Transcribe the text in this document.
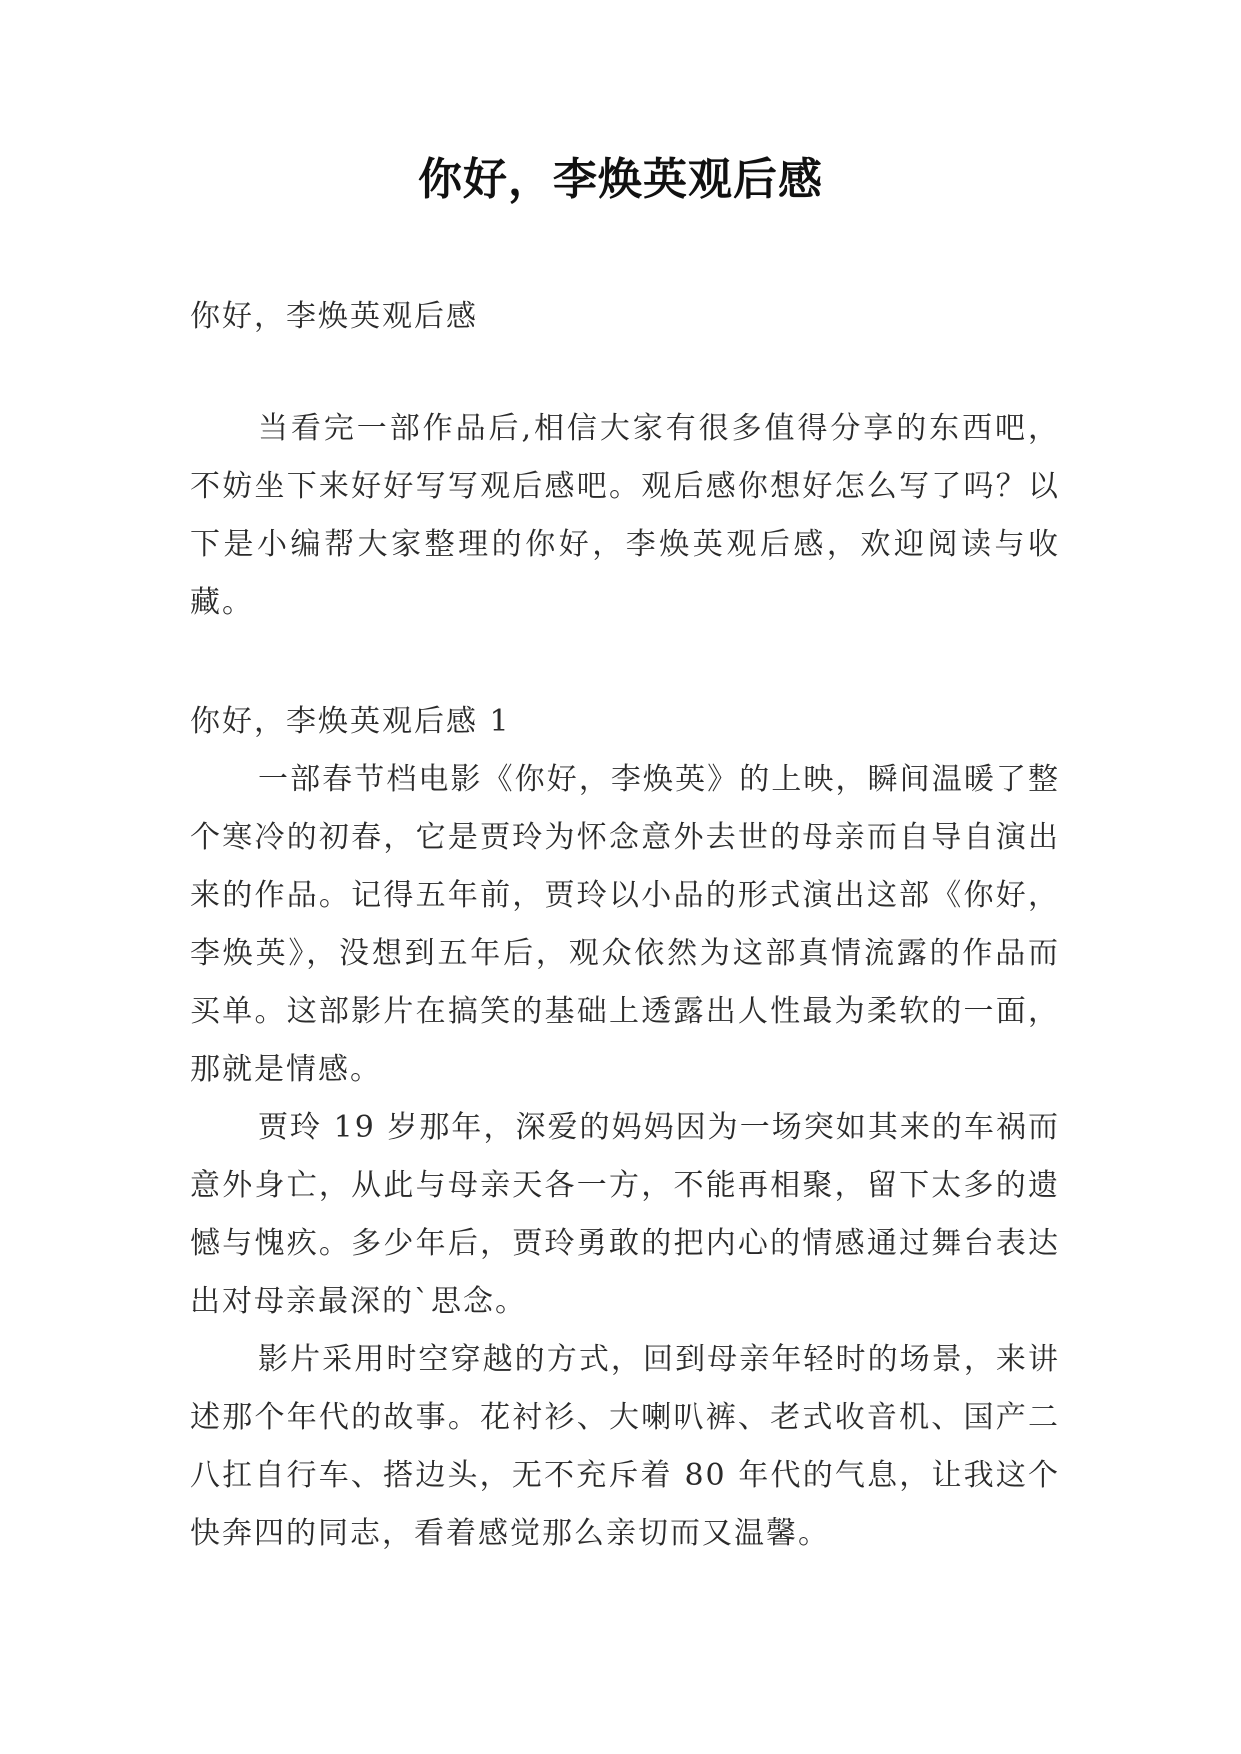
你好，李焕英观后感

你好，李焕英观后感

当看完一部作品后,相信大家有很多值得分享的东西吧，不妨坐下来好好写写观后感吧。观后感你想好怎么写了吗？以下是小编帮大家整理的你好，李焕英观后感，欢迎阅读与收藏。

你好，李焕英观后感 1

一部春节档电影《你好，李焕英》的上映，瞬间温暖了整个寒冷的初春，它是贾玲为怀念意外去世的母亲而自导自演出来的作品。记得五年前，贾玲以小品的形式演出这部《你好，李焕英》，没想到五年后，观众依然为这部真情流露的作品而买单。这部影片在搞笑的基础上透露出人性最为柔软的一面，那就是情感。

贾玲 19 岁那年，深爱的妈妈因为一场突如其来的车祸而意外身亡，从此与母亲天各一方，不能再相聚，留下太多的遗憾与愧疚。多少年后，贾玲勇敢的把内心的情感通过舞台表达出对母亲最深的`思念。

影片采用时空穿越的方式，回到母亲年轻时的场景，来讲述那个年代的故事。花衬衫、大喇叭裤、老式收音机、国产二八扛自行车、搭边头，无不充斥着 80 年代的气息，让我这个快奔四的同志，看着感觉那么亲切而又温馨。
